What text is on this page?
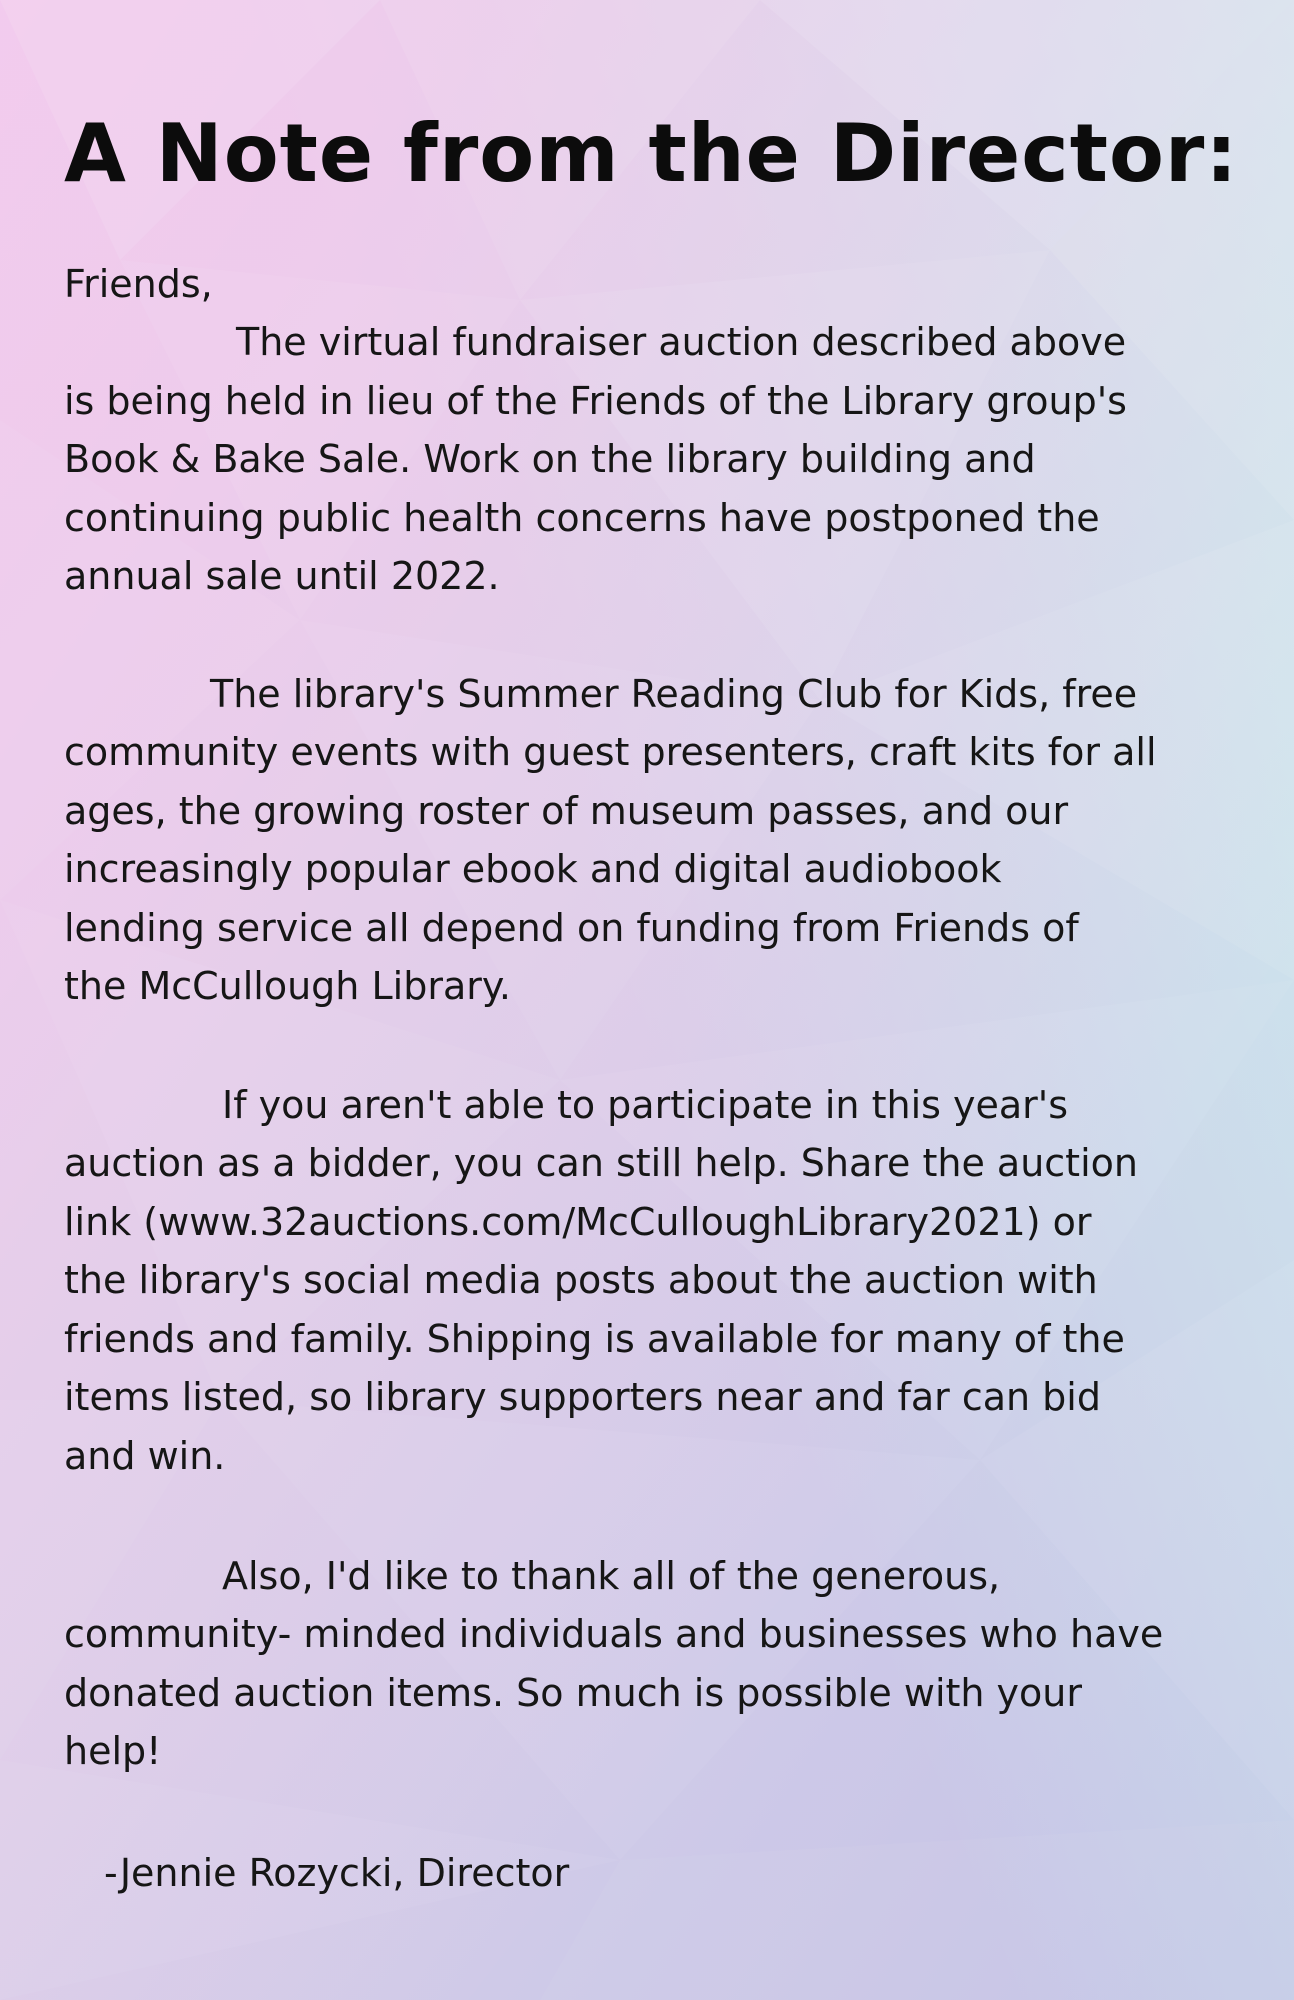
A Note from the Director:

Friends,

The virtual fundraiser auction described above

is being held in lieu of the Friends of the Library group's

Book & Bake Sale. Work on the library building and

continuing public health concerns have postponed the

annual sale until 2022.

The library's Summer Reading Club for Kids, free

community events with guest presenters, craft kits for all

ages, the growing roster of museum passes, and our

increasingly popular ebook and digital audiobook

lending service all depend on funding from Friends of

the McCullough Library.

If you aren't able to participate in this year's

auction as a bidder, you can still help. Share the auction

link (www.32auctions.com/McCulloughLibrary2021) or

the library's social media posts about the auction with

friends and family. Shipping is available for many of the

items listed, so library supporters near and far can bid

and win.

Also, I'd like to thank all of the generous,

community- minded individuals and businesses who have

donated auction items. So much is possible with your

help!

-Jennie Rozycki, Director
